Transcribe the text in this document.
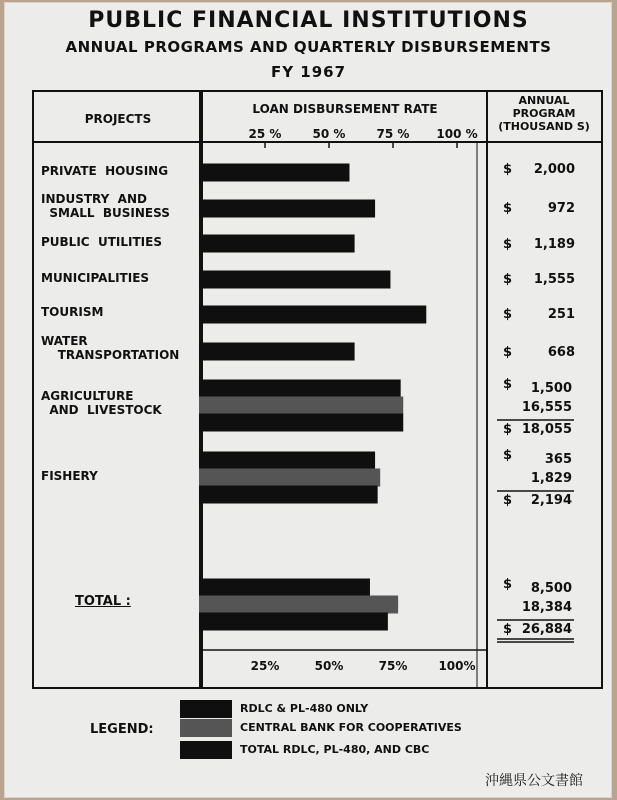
PUBLIC FINANCIAL INSTITUTIONS
ANNUAL PROGRAMS AND QUARTERLY DISBURSEMENTS
FY 1967
PROJECTS
LOAN DISBURSEMENT RATE
ANNUAL
PROGRAM
(THOUSAND S)
PRIVATE  HOUSING	$	2,000
INDUSTRY  AND
SMALL  BUSINESS	$	972
PUBLIC  UTILITIES	$	1,189
MUNICIPALITIES	$	1,555
TOURISM	$	251
WATER
TRANSPORTATION	$	668
AGRICULTURE
AND  LIVESTOCK
$	1,500
16,555
$ 18,055
FISHERY
$	365
1,829
$	2,194
TOTAL :
$	8,500
18,384
$ 26,884
25 %	50 %	75 %	100 %
25%	50%	75%	100%
LEGEND:
RDLC & PL-480 ONLY
CENTRAL BANK FOR COOPERATIVES
TOTAL RDLC, PL-480, AND CBC
沖縄県公文書館
